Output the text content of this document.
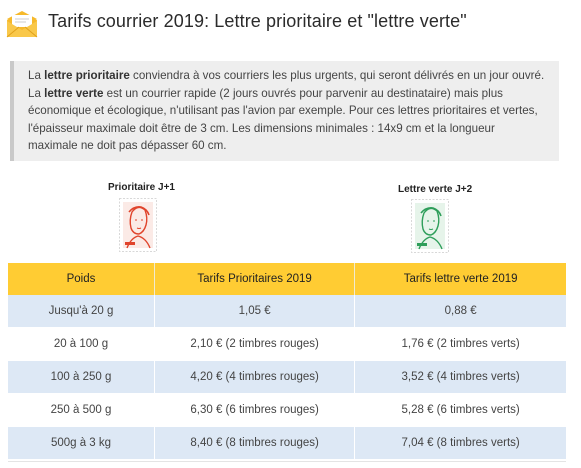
Tarifs courrier 2019: Lettre prioritaire et "lettre verte"
La lettre prioritaire conviendra à vos courriers les plus urgents, qui seront délivrés en un jour ouvré.
La lettre verte est un courrier rapide (2 jours ouvrés pour parvenir au destinataire) mais plus
économique et écologique, n'utilisant pas l'avion par exemple. Pour ces lettres prioritaires et vertes,
l'épaisseur maximale doit être de 3 cm. Les dimensions minimales : 14x9 cm et la longueur
maximale ne doit pas dépasser 60 cm.
Prioritaire J+1	Lettre verte J+2
Poids	Tarifs Prioritaires 2019	Tarifs lettre verte 2019
Jusqu'à 20 g	1,05 €	0,88 €
20 à 100 g	2,10 € (2 timbres rouges)	1,76 € (2 timbres verts)
100 à 250 g	4,20 € (4 timbres rouges)	3,52 € (4 timbres verts)
250 à 500 g	6,30 € (6 timbres rouges)	5,28 € (6 timbres verts)
500g à 3 kg	8,40 € (8 timbres rouges)	7,04 € (8 timbres verts)
